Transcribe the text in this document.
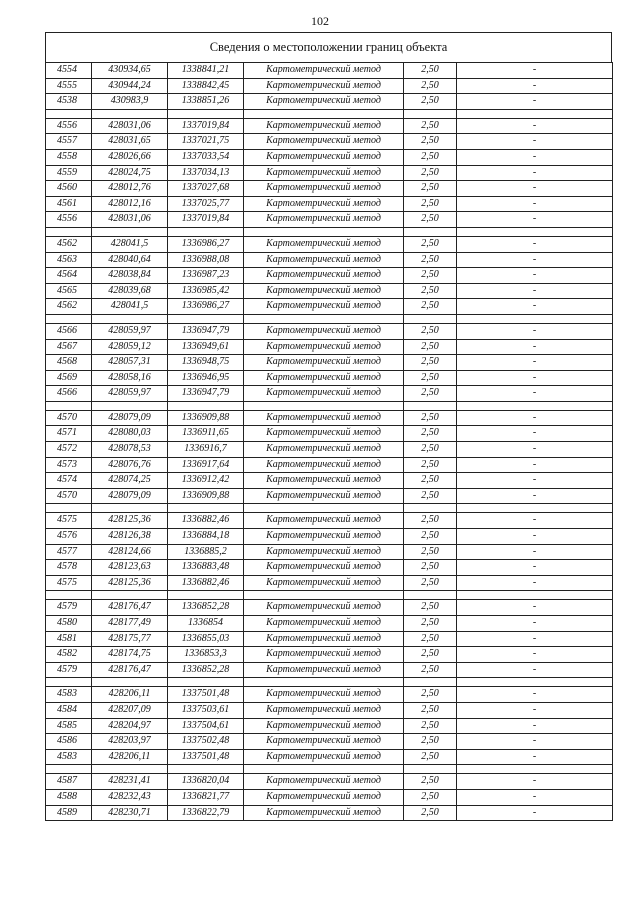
102
Сведения о местоположении границ объекта
4554	430934,65	1338841,21	Картометрический метод	2,50	-
4555	430944,24	1338842,45	Картометрический метод	2,50	-
4538	430983,9	1338851,26	Картометрический метод	2,50	-

4556	428031,06	1337019,84	Картометрический метод	2,50	-
4557	428031,65	1337021,75	Картометрический метод	2,50	-
4558	428026,66	1337033,54	Картометрический метод	2,50	-
4559	428024,75	1337034,13	Картометрический метод	2,50	-
4560	428012,76	1337027,68	Картометрический метод	2,50	-
4561	428012,16	1337025,77	Картометрический метод	2,50	-
4556	428031,06	1337019,84	Картометрический метод	2,50	-

4562	428041,5	1336986,27	Картометрический метод	2,50	-
4563	428040,64	1336988,08	Картометрический метод	2,50	-
4564	428038,84	1336987,23	Картометрический метод	2,50	-
4565	428039,68	1336985,42	Картометрический метод	2,50	-
4562	428041,5	1336986,27	Картометрический метод	2,50	-

4566	428059,97	1336947,79	Картометрический метод	2,50	-
4567	428059,12	1336949,61	Картометрический метод	2,50	-
4568	428057,31	1336948,75	Картометрический метод	2,50	-
4569	428058,16	1336946,95	Картометрический метод	2,50	-
4566	428059,97	1336947,79	Картометрический метод	2,50	-

4570	428079,09	1336909,88	Картометрический метод	2,50	-
4571	428080,03	1336911,65	Картометрический метод	2,50	-
4572	428078,53	1336916,7	Картометрический метод	2,50	-
4573	428076,76	1336917,64	Картометрический метод	2,50	-
4574	428074,25	1336912,42	Картометрический метод	2,50	-
4570	428079,09	1336909,88	Картометрический метод	2,50	-

4575	428125,36	1336882,46	Картометрический метод	2,50	-
4576	428126,38	1336884,18	Картометрический метод	2,50	-
4577	428124,66	1336885,2	Картометрический метод	2,50	-
4578	428123,63	1336883,48	Картометрический метод	2,50	-
4575	428125,36	1336882,46	Картометрический метод	2,50	-

4579	428176,47	1336852,28	Картометрический метод	2,50	-
4580	428177,49	1336854	Картометрический метод	2,50	-
4581	428175,77	1336855,03	Картометрический метод	2,50	-
4582	428174,75	1336853,3	Картометрический метод	2,50	-
4579	428176,47	1336852,28	Картометрический метод	2,50	-

4583	428206,11	1337501,48	Картометрический метод	2,50	-
4584	428207,09	1337503,61	Картометрический метод	2,50	-
4585	428204,97	1337504,61	Картометрический метод	2,50	-
4586	428203,97	1337502,48	Картометрический метод	2,50	-
4583	428206,11	1337501,48	Картометрический метод	2,50	-

4587	428231,41	1336820,04	Картометрический метод	2,50	-
4588	428232,43	1336821,77	Картометрический метод	2,50	-
4589	428230,71	1336822,79	Картометрический метод	2,50	-
